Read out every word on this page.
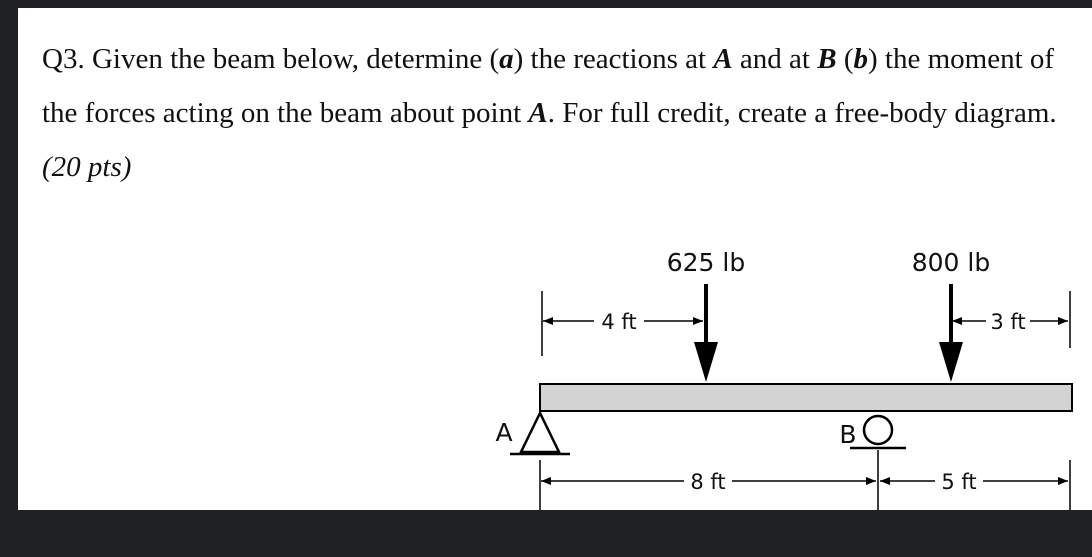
Q3. Given the beam below, determine (a) the reactions at A and at B (b) the moment of the forces acting on the beam about point A. For full credit, create a free-body diagram. (20 pts)
4 ft
625 lb	800 lb
3 ft
A	B
8 ft	5 ft
